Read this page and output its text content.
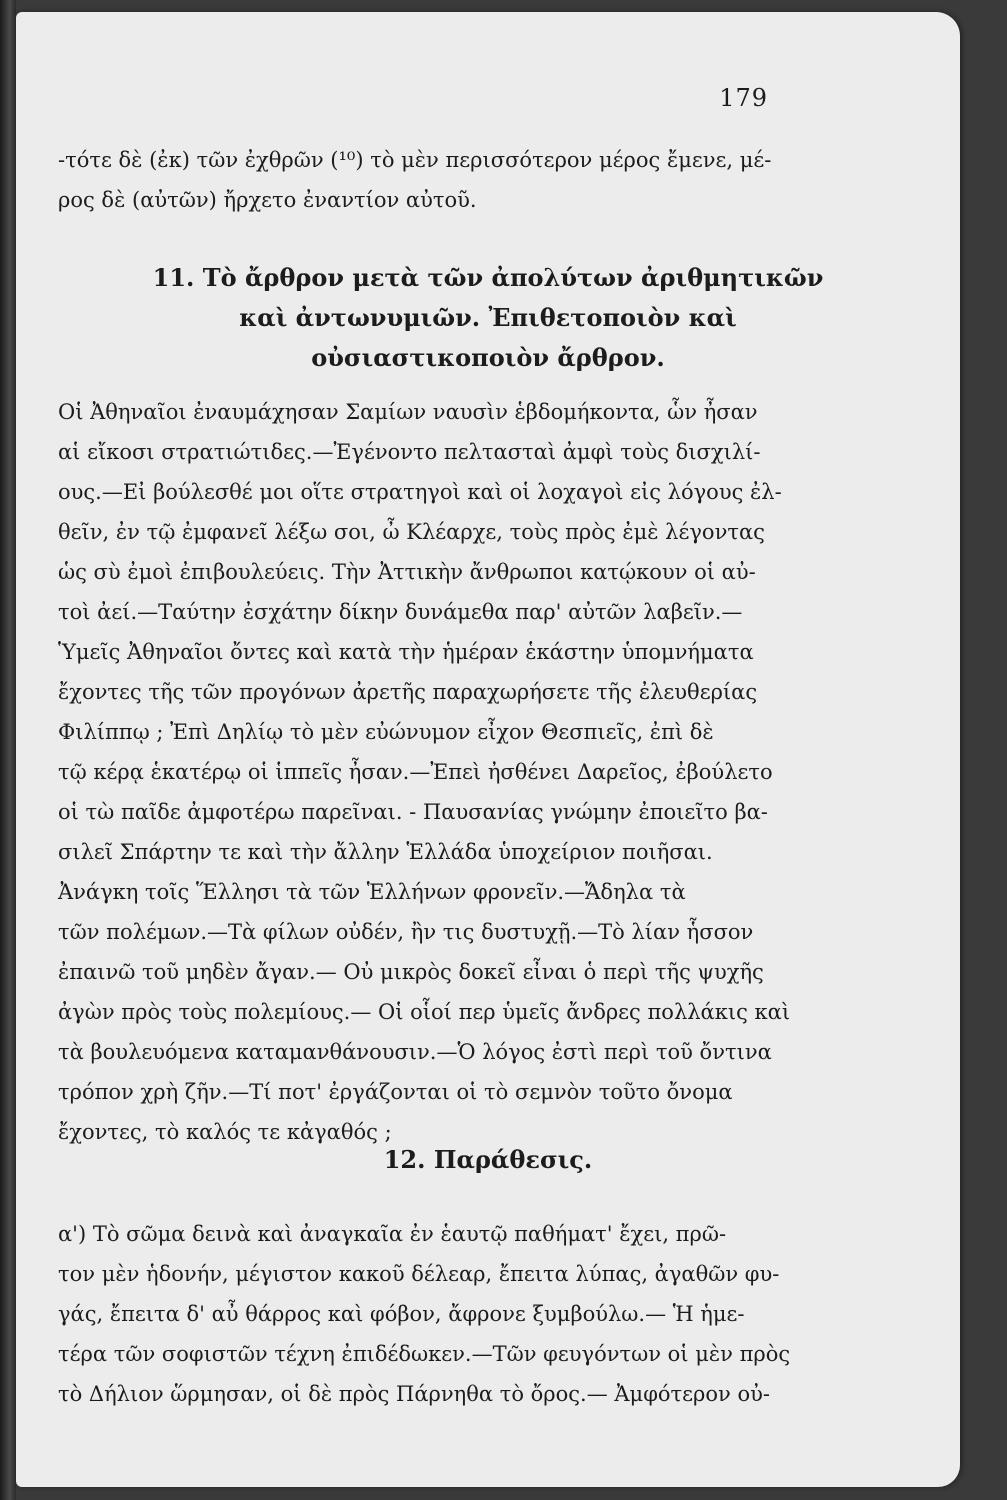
179

-τότε δὲ (ἐκ) τῶν ἐχθρῶν (¹⁰) τὸ μὲν περισσότερον μέρος ἔμενε, μέ-
ρος δὲ (αὐτῶν) ἤρχετο ἐναντίον αὐτοῦ.

11. Τὸ ἄρθρον μετὰ τῶν ἀπολύτων ἀριθμητικῶν
καὶ ἀντωνυμιῶν. Ἐπιθετοποιὸν καὶ
οὐσιαστικοποιὸν ἄρθρον.

Οἱ Ἀθηναῖοι ἐναυμάχησαν Σαμίων ναυσὶν ἑβδομήκοντα, ὧν ἦσαν
αἱ εἴκοσι στρατιώτιδες.—Ἐγένοντο πελτασταὶ ἀμφὶ τοὺς δισχιλί-
ους.—Εἰ βούλεσθέ μοι οἵτε στρατηγοὶ καὶ οἱ λοχαγοὶ εἰς λόγους ἐλ-
θεῖν, ἐν τῷ ἐμφανεῖ λέξω σοι, ὦ Κλέαρχε, τοὺς πρὸς ἐμὲ λέγοντας
ὡς σὺ ἐμοὶ ἐπιβουλεύεις. Τὴν Ἀττικὴν ἄνθρωποι κατῴκουν οἱ αὐ-
τοὶ ἀεί.—Ταύτην ἐσχάτην δίκην δυνάμεθα παρ' αὐτῶν λαβεῖν.—
Ὑμεῖς Ἀθηναῖοι ὄντες καὶ κατὰ τὴν ἡμέραν ἑκάστην ὑπομνήματα
ἔχοντες τῆς τῶν προγόνων ἀρετῆς παραχωρήσετε τῆς ἐλευθερίας
Φιλίππῳ ; Ἐπὶ Δηλίῳ τὸ μὲν εὐώνυμον εἶχον Θεσπιεῖς, ἐπὶ δὲ
τῷ κέρᾳ ἑκατέρῳ οἱ ἱππεῖς ἦσαν.—Ἐπεὶ ἠσθένει Δαρεῖος, ἐβούλετο
οἱ τὼ παῖδε ἀμφοτέρω παρεῖναι. - Παυσανίας γνώμην ἐποιεῖτο βα-
σιλεῖ Σπάρτην τε καὶ τὴν ἄλλην Ἑλλάδα ὑποχείριον ποιῆσαι.
Ἀνάγκη τοῖς Ἕλλησι τὰ τῶν Ἑλλήνων φρονεῖν.—Ἄδηλα τὰ
τῶν πολέμων.—Τὰ φίλων οὐδέν, ἢν τις δυστυχῇ.—Τὸ λίαν ἧσσον
ἐπαινῶ τοῦ μηδὲν ἄγαν.— Οὐ μικρὸς δοκεῖ εἶναι ὁ περὶ τῆς ψυχῆς
ἀγὼν πρὸς τοὺς πολεμίους.— Οἱ οἷοί περ ὑμεῖς ἄνδρες πολλάκις καὶ
τὰ βουλευόμενα καταμανθάνουσιν.—Ὁ λόγος ἐστὶ περὶ τοῦ ὄντινα
τρόπον χρὴ ζῆν.—Τί ποτ' ἐργάζονται οἱ τὸ σεμνὸν τοῦτο ὄνομα
ἔχοντες, τὸ καλός τε κἀγαθός ;

12. Παράθεσις.

α') Τὸ σῶμα δεινὰ καὶ ἀναγκαῖα ἐν ἑαυτῷ παθήματ' ἔχει, πρῶ-
τον μὲν ἡδονήν, μέγιστον κακοῦ δέλεαρ, ἔπειτα λύπας, ἀγαθῶν φυ-
γάς, ἔπειτα δ' αὖ θάρρος καὶ φόβον, ἄφρονε ξυμβούλω.— Ἡ ἡμε-
τέρα τῶν σοφιστῶν τέχνη ἐπιδέδωκεν.—Τῶν φευγόντων οἱ μὲν πρὸς
τὸ Δήλιον ὥρμησαν, οἱ δὲ πρὸς Πάρνηθα τὸ ὄρος.— Ἀμφότερον οὐ-
